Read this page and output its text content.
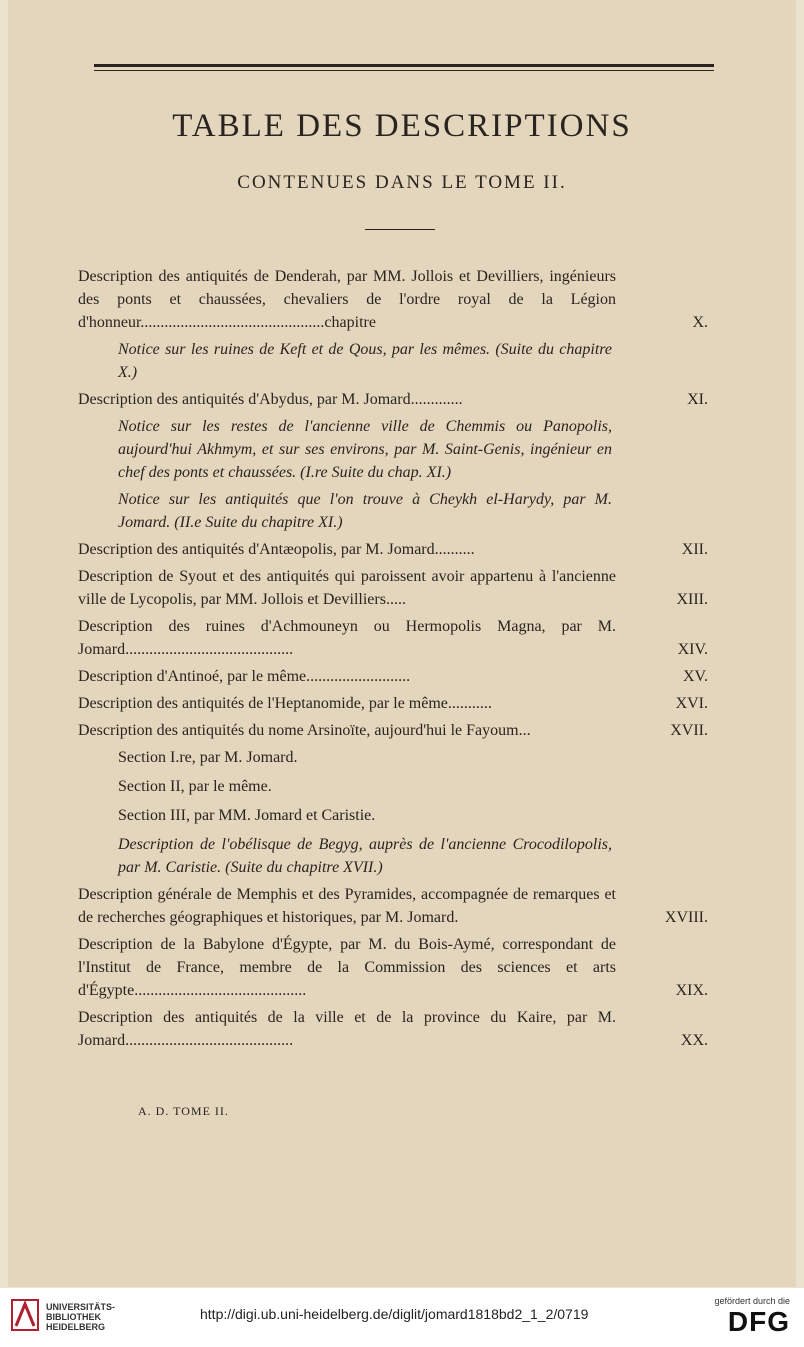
TABLE DES DESCRIPTIONS
CONTENUES DANS LE TOME II.
Description des antiquités de Denderah, par MM. Jollois et Devilliers, ingénieurs des ponts et chaussées, chevaliers de l'ordre royal de la Légion d'honneur..............................................chapitre	X.
Notice sur les ruines de Keft et de Qous, par les mêmes. (Suite du chapitre X.)
Description des antiquités d'Abydus, par M. Jomard.............	XI.
Notice sur les restes de l'ancienne ville de Chemmis ou Panopolis, aujourd'hui Akhmym, et sur ses environs, par M. Saint-Genis, ingénieur en chef des ponts et chaussées. (I.re Suite du chap. XI.)
Notice sur les antiquités que l'on trouve à Cheykh el-Harydy, par M. Jomard. (II.e Suite du chapitre XI.)
Description des antiquités d'Antæopolis, par M. Jomard..........	XII.
Description de Syout et des antiquités qui paroissent avoir appartenu à l'ancienne ville de Lycopolis, par MM. Jollois et Devilliers.....	XIII.
Description des ruines d'Achmouneyn ou Hermopolis Magna, par M. Jomard..........................................	XIV.
Description d'Antinoé, par le même..........................	XV.
Description des antiquités de l'Heptanomide, par le même...........	XVI.
Description des antiquités du nome Arsinoïte, aujourd'hui le Fayoum...	XVII.
Section I.re, par M. Jomard.
Section II, par le même.
Section III, par MM. Jomard et Caristie.
Description de l'obélisque de Begyg, auprès de l'ancienne Crocodilopolis, par M. Caristie. (Suite du chapitre XVII.)
Description générale de Memphis et des Pyramides, accompagnée de remarques et de recherches géographiques et historiques, par M. Jomard.	XVIII.
Description de la Babylone d'Égypte, par M. du Bois-Aymé, correspondant de l'Institut de France, membre de la Commission des sciences et arts d'Égypte...........................................	XIX.
Description des antiquités de la ville et de la province du Kaire, par M. Jomard..........................................	XX.
A. D. TOME II.
UNIVERSITÄTS-
BIBLIOTHEK
HEIDELBERG
http://digi.ub.uni-heidelberg.de/diglit/jomard1818bd2_1_2/0719
gefördert durch die
DFG
